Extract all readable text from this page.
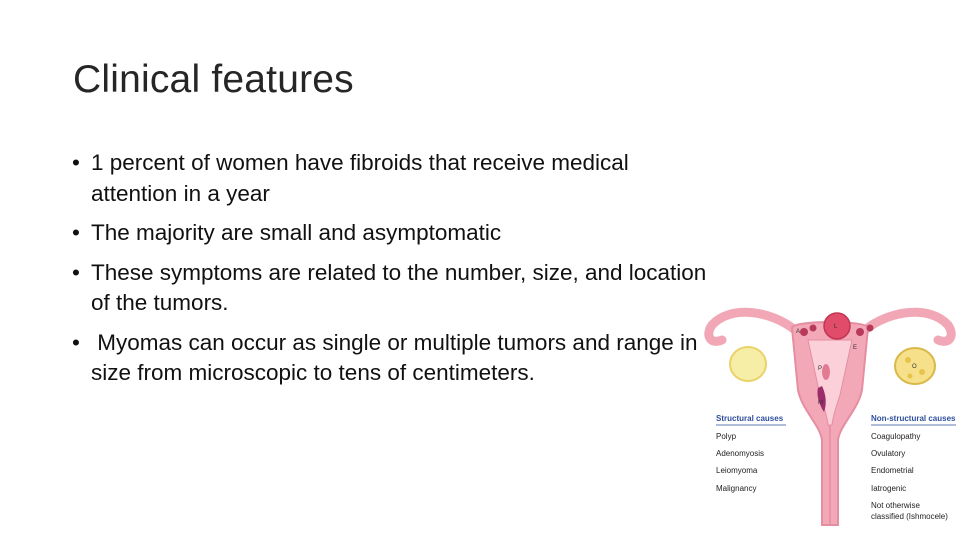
Clinical features
• 1 percent of women have fibroids that receive medical attention in a year
• The majority are small and asymptomatic
• These symptoms are related to the number, size, and location of the tumors.
• Myomas can occur as single or multiple tumors and range in size from microscopic to tens of centimeters.
L
A
E
P
M
O
Structural causes
Polyp
Adenomyosis
Leiomyoma
Malignancy
Non-structural causes
Coagulopathy
Ovulatory
Endometrial
Iatrogenic
Not otherwise
classified (Ishmocele)
